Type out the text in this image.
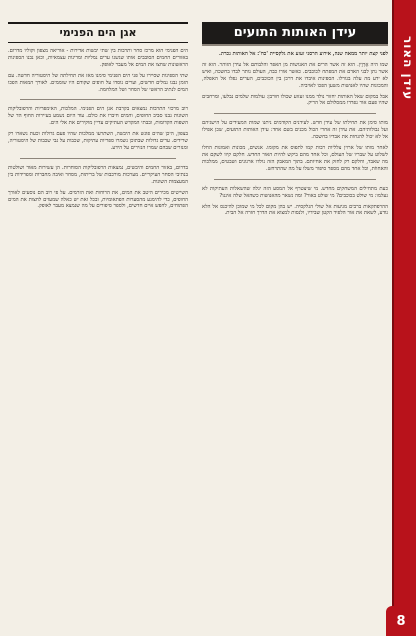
עידן האור
עידן האותות התועים

לפני קצת יותר ממאה שנה, אירוע הרסני זעזע את גלקסיית 'כח': אל האותות נכרת.

שמו היה אֶרְוֶין. הוא זה אשר הרים את האנושות מן האפר והלבותם אל עידן הזוהר. הוא זה אשר נתן לבני האדם את המפתח לכוכבים. כאשר אורו כבה, העולם נותר לבדו בחשכה, ואיש לא ידע מה עלה בגורלו. הספינות איבדו את דרכן בין הכוכבים, הערים נפלו אל האפלה, והמכונות שהיו לאנושות משען הפכו לאויביה.

אבל במקום שאל האותות יחזור נולד ממנו זעזוע שכולו חורבן: עולמות שלמים נבלעו, ומרחבים שהיו פעם אור נפרדו ממסלולם אל הריק.

מותו סימן את תחילתו של עידן חדש. לעידנים הקודמים ניתנו שמות המעידים על הישגיהם ועל גבולותיהם. את עידן זה אחרי הכול מכנים בשם אחד: עידן האותות התועים, שכן אפילו אל לא יכול להנחות את אבדיו בחשכה.

לאחר מותו של ארוין צלליות רבות קמו לתפוס את מקומו. אנשים, מכונות ואמונות החלו לשלוט על שבריו של העולם, וכל אחד מהם ביקש להיות האור החדש. חלקם קיוו לשקם את מה שאבד, וחלקם רק לחזק את אחיזתם. בתוך המאבק הזה נולדו ארגונים ושבטים, ממלכות והאחווֹת, וכל אחד מהם מספר סיפור משלו על מה שהתרחש.

כעת מתחילים המשחקים מחדש. מי שיצטרף אל המסע הזה יגלה שהשאלות העתיקות לא נעלמו: מי שולט בכוכבים? מי שולט באור? ומה נשאר מהאנושות כשהאל שלה איננו?

ההרפתקאות ברבים מגיעות אל שולי הגלקסיה. יש בהן מקום לכל מי שמוכן להיכנס אל הלא נודע, לשאת את אור הלפיד הקטן שבידיו, ולנסות למצוא את הדרך חזרה אל הבית.

אגן הים הפנימי

הים הפנימי הוא מרכז סחר ותרבות בין שתי יבשות אדירות - אוריאה מצפון וקוליו מדרום. באזורים החמים הסובבים אותו שגשגו ערים נמליות ומדינות עצמאיות, וכאן נבנו הספינות הראשונות שחצו את המים אל מעבר לאופק.

שתי הספינות שסיירו על פני הים הפנימי סימנו מאז את תחילתה של היסטוריה חדשה. עם הזמן נבנו נמלים חדשים, וערים נוסדו על חופים שקודם היו שוממים. לאורך המאות הפכו המים לנתיב הראשי של הסחר ושל המלחמה.

רוב מרכזי התרבות נמצאים בקרבת אגן הים הפנימי. המלכות, האימפריות והרפובליקות השונות נבנו סביב החופים, והמים חיברו את כולם. עוד היום נשמע בעיירות החוף הד של השפות הקדומות, ובבתי המקדש העתיקים עדיין מוקירים את אלי הים.

בצפון, היכן שהים פוגש את היבשה, השתרעו ממלכות שהיו פעם גדולות וכעת נשארו רק שרידים. ערים גדולות שבתוכן נשמרו ספריות עתיקות, שכבות על גבי שכבות של היסטוריה, ומנזרים שבהם שמרו הנזירים על הידע.

בדרום, באזור החמים והיבשים, נמצאות הרפובליקות הסוחרות. הן עשירות מאוד ושולטות בנתיבי הסחר העיקריים. מערכות מורכבות של בריתות, מסחר ואיבה מחברות ומפרידות בין המעצמות השונות.

השייטים מכירים היטב את המים, את הרוחות ואת הזרמים. על פי רוב הם נוסעים לאורך החופים, כדי להימנע מהסערות הפתאומיות, ובכל זאת יש כאלה שמעזים לחצות את המים הפתוחים, לחפש איים חדשים, ולספר סיפורים על מה שנמצא מעבר לאופק.

8
